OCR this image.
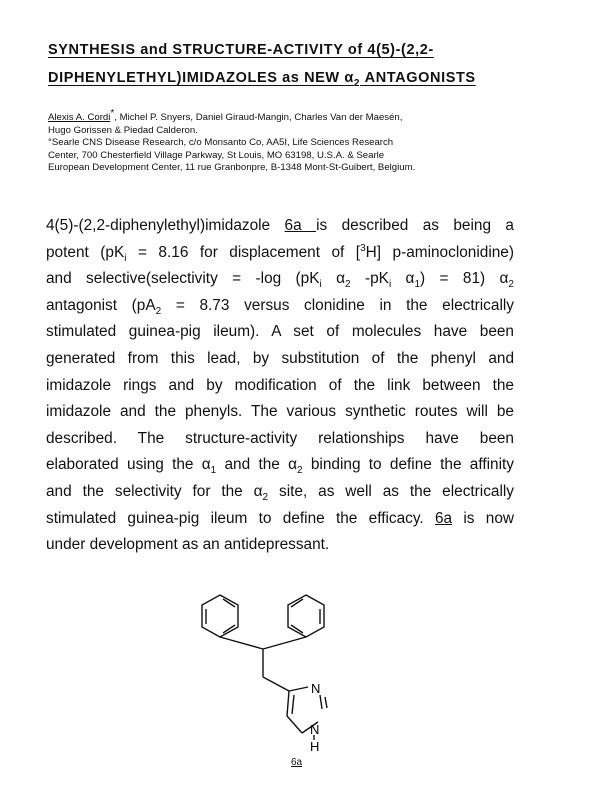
SYNTHESIS and STRUCTURE-ACTIVITY of 4(5)-(2,2-
DIPHENYLETHYL)IMIDAZOLES as NEW $\alpha_2$ ANTAGONISTS
Alexis A. Cordi*, Michel P. Snyers, Daniel Giraud-Mangin, Charles Van der Maesén,
Hugo Gorissen & Piedad Calderon.
°Searle CNS Disease Research, c/o Monsanto Co, AA5I, Life Sciences Research
Center, 700 Chesterfield Village Parkway, St Louis, MO 63198, U.S.A. & Searle
European Development Center, 11 rue Granbonpre, B-1348 Mont-St-Guibert, Belgium.
4(5)-(2,2-diphenylethyl)imidazole 6a is described as being a
potent ($pK_i = 8.16$ for displacement of [$^3$H] p-aminoclonidine)
and selective(selectivity = -log ($pK_i$ $\alpha_2$ $-pK_i$ $\alpha_1) = 81$) $\alpha_2$
antagonist ($pA_2 = 8.73$ versus clonidine in the electrically
stimulated guinea-pig ileum). A set of molecules have been
generated from this lead, by substitution of the phenyl and
imidazole rings and by modification of the link between the
imidazole and the phenyls. The various synthetic routes will be
described. The structure-activity relationships have been
elaborated using the $\alpha_1$ and the $\alpha_2$ binding to define the affinity
and the selectivity for the $\alpha_2$ site, as well as the electrically
stimulated guinea-pig ileum to define the efficacy. 6a is now
under development as an antidepressant.
N
N
H
6a
